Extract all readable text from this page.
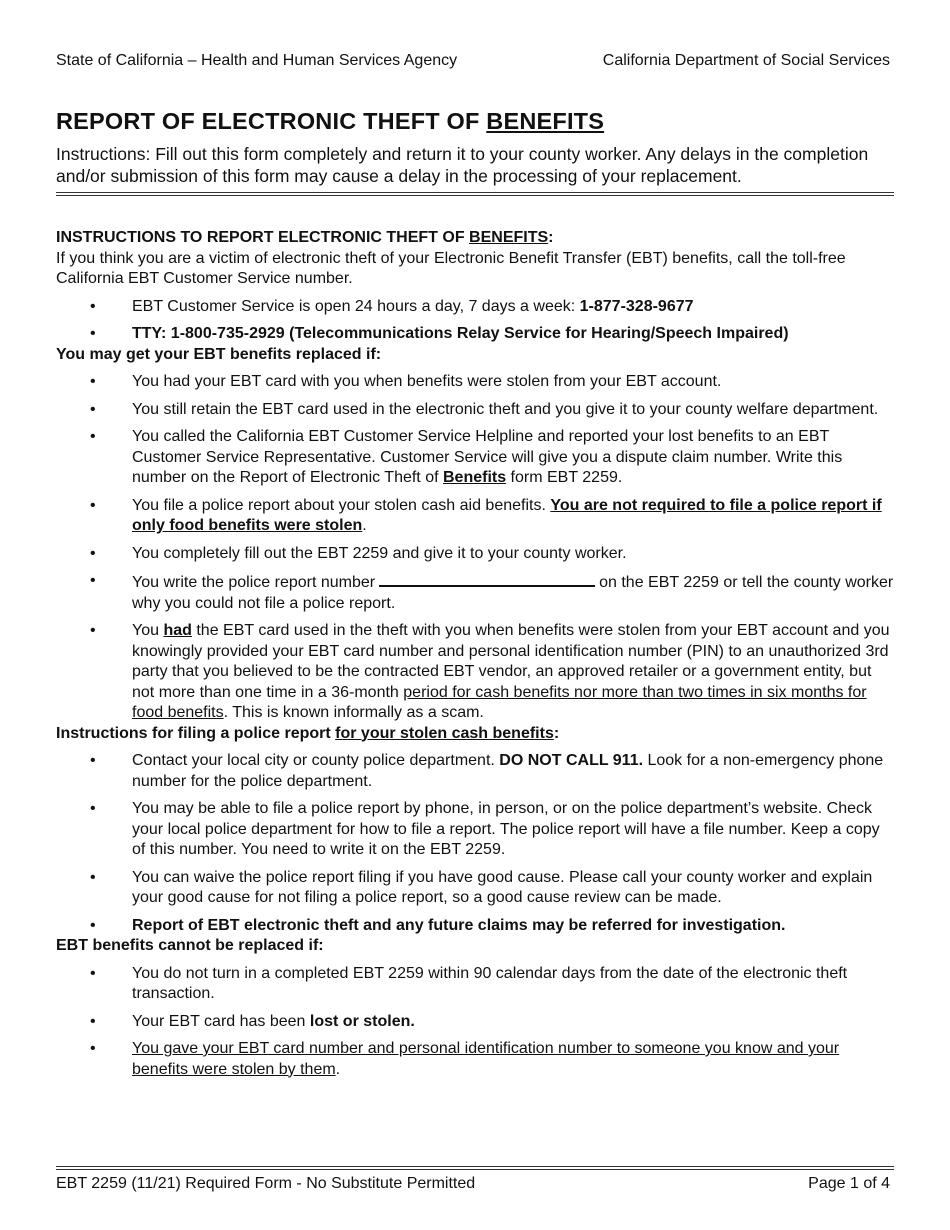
State of California – Health and Human Services Agency	California Department of Social Services
REPORT OF ELECTRONIC THEFT OF BENEFITS
Instructions: Fill out this form completely and return it to your county worker. Any delays in the completion and/or submission of this form may cause a delay in the processing of your replacement.

INSTRUCTIONS TO REPORT ELECTRONIC THEFT OF BENEFITS:

If you think you are a victim of electronic theft of your Electronic Benefit Transfer (EBT) benefits, call the toll-free California EBT Customer Service number.

• EBT Customer Service is open 24 hours a day, 7 days a week: 1-877-328-9677
• TTY: 1-800-735-2929 (Telecommunications Relay Service for Hearing/Speech Impaired)

You may get your EBT benefits replaced if:

• You had your EBT card with you when benefits were stolen from your EBT account.
• You still retain the EBT card used in the electronic theft and you give it to your county welfare department.
• You called the California EBT Customer Service Helpline and reported your lost benefits to an EBT Customer Service Representative. Customer Service will give you a dispute claim number. Write this number on the Report of Electronic Theft of Benefits form EBT 2259.
• You file a police report about your stolen cash aid benefits. You are not required to file a police report if only food benefits were stolen.
• You completely fill out the EBT 2259 and give it to your county worker.
• You write the police report number	on the EBT 2259 or tell the county worker why you could not file a police report.
• You had the EBT card used in the theft with you when benefits were stolen from your EBT account and you knowingly provided your EBT card number and personal identification number (PIN) to an unauthorized 3rd party that you believed to be the contracted EBT vendor, an approved retailer or a government entity, but not more than one time in a 36-month period for cash benefits nor more than two times in six months for food benefits. This is known informally as a scam.

Instructions for filing a police report for your stolen cash benefits:

• Contact your local city or county police department. DO NOT CALL 911. Look for a non-emergency phone number for the police department.
• You may be able to file a police report by phone, in person, or on the police department’s website. Check your local police department for how to file a report. The police report will have a file number. Keep a copy of this number. You need to write it on the EBT 2259.
• You can waive the police report filing if you have good cause. Please call your county worker and explain your good cause for not filing a police report, so a good cause review can be made.
• Report of EBT electronic theft and any future claims may be referred for investigation.

EBT benefits cannot be replaced if:

• You do not turn in a completed EBT 2259 within 90 calendar days from the date of the electronic theft transaction.
• Your EBT card has been lost or stolen.
• You gave your EBT card number and personal identification number to someone you know and your benefits were stolen by them.
EBT 2259 (11/21) Required Form - No Substitute Permitted	Page 1 of 4
